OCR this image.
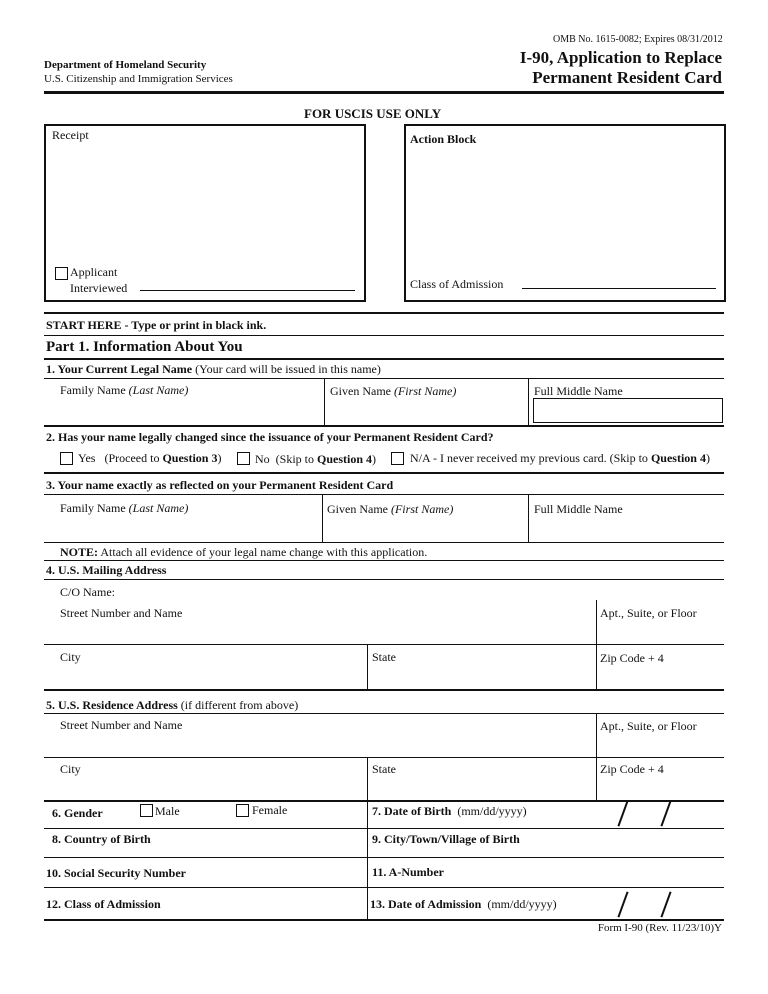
OMB No. 1615-0082; Expires 08/31/2012
Department of Homeland Security
U.S. Citizenship and Immigration Services
I-90, Application to Replace
Permanent Resident Card
FOR USCIS USE ONLY
Receipt
Applicant
Interviewed
Action Block
Class of Admission
START HERE - Type or print in black ink.
Part 1. Information About You
1. Your Current Legal Name (Your card will be issued in this name)
Family Name (Last Name)	Given Name (First Name)	Full Middle Name
2. Has your name legally changed since the issuance of your Permanent Resident Card?
Yes (Proceed to Question 3)	No (Skip to Question 4)	N/A - I never received my previous card. (Skip to Question 4)
3. Your name exactly as reflected on your Permanent Resident Card
Family Name (Last Name)	Given Name (First Name)	Full Middle Name
NOTE: Attach all evidence of your legal name change with this application.
4. U.S. Mailing Address
C/O Name:
Street Number and Name	Apt., Suite, or Floor
City	State	Zip Code + 4
5. U.S. Residence Address (if different from above)
Street Number and Name	Apt., Suite, or Floor
City	State	Zip Code + 4
6. Gender	Male	Female	7. Date of Birth (mm/dd/yyyy)
8. Country of Birth	9. City/Town/Village of Birth
10. Social Security Number	11. A-Number
12. Class of Admission	13. Date of Admission (mm/dd/yyyy)
Form I-90 (Rev. 11/23/10)Y
